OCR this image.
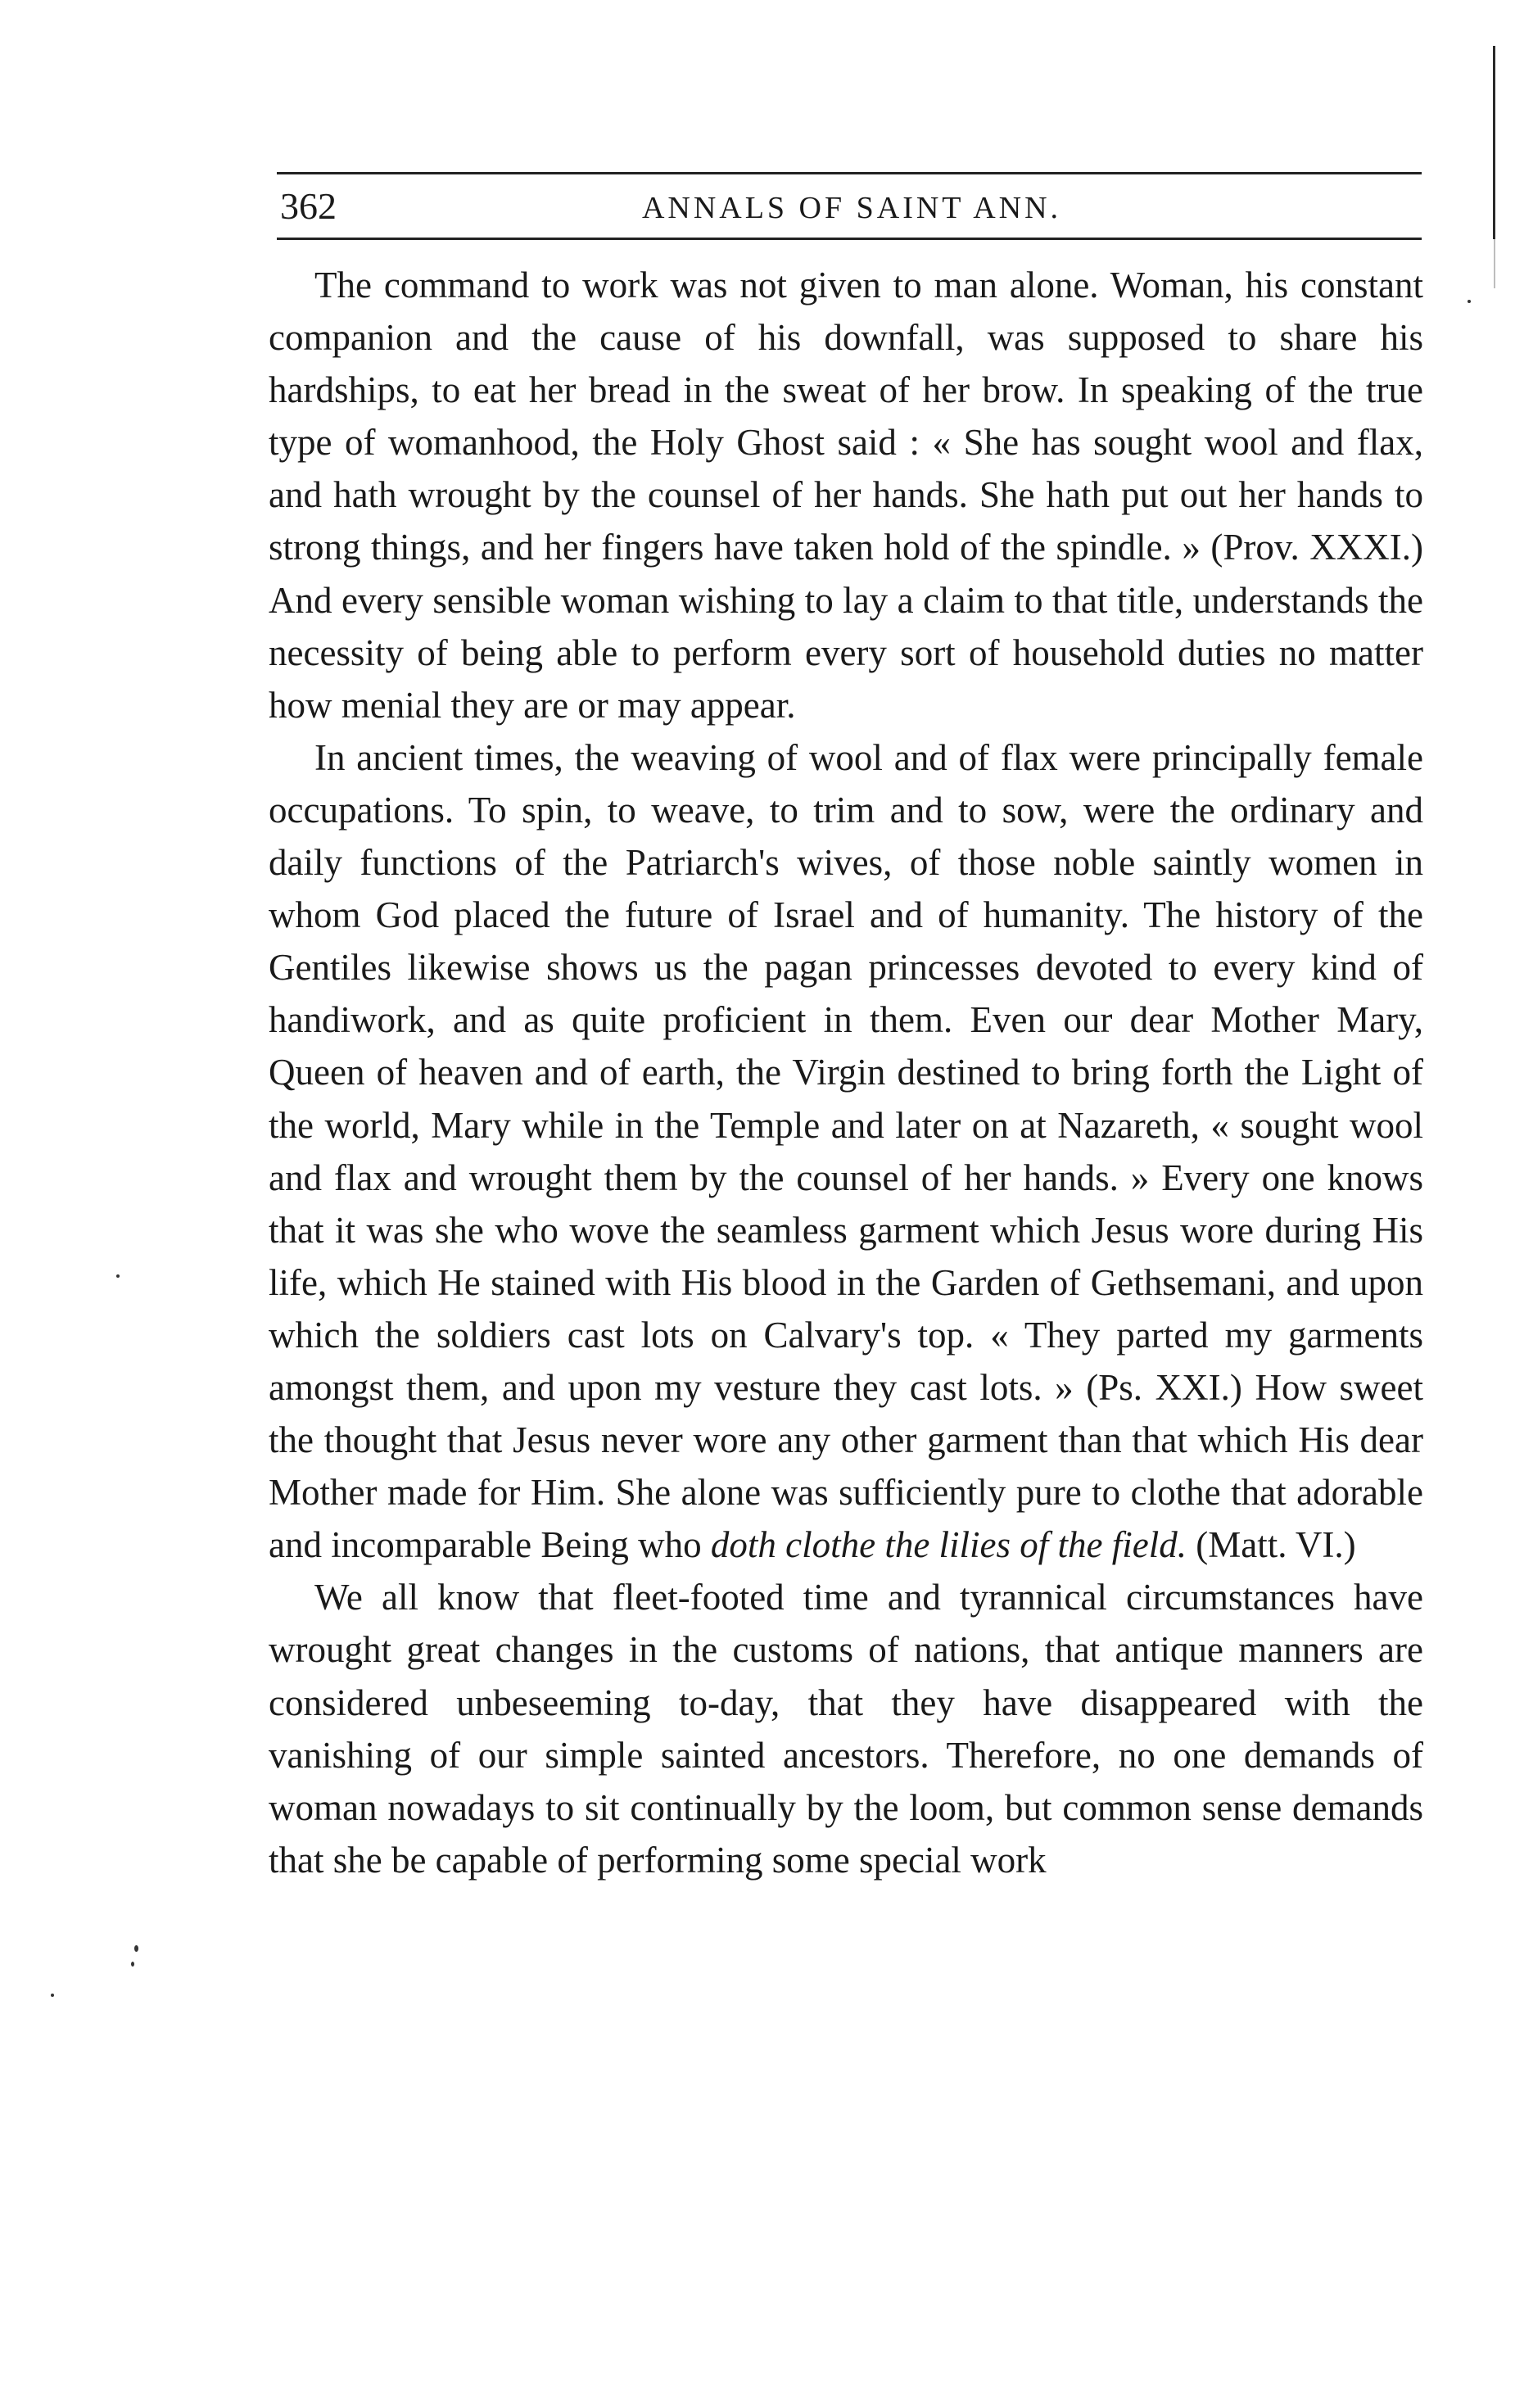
362	ANNALS OF SAINT ANN.

The command to work was not given to man alone. Woman, his constant companion and the cause of his downfall, was supposed to share his hardships, to eat her bread in the sweat of her brow. In speaking of the true type of womanhood, the Holy Ghost said : « She has sought wool and flax, and hath wrought by the counsel of her hands. She hath put out her hands to strong things, and her fingers have taken hold of the spindle. » (Prov. XXXI.) And every sensible woman wishing to lay a claim to that title, understands the necessity of being able to perform every sort of household duties no matter how menial they are or may appear.

In ancient times, the weaving of wool and of flax were principally female occupations. To spin, to weave, to trim and to sow, were the ordinary and daily functions of the Patriarch's wives, of those noble saintly women in whom God placed the future of Israel and of humanity. The history of the Gentiles likewise shows us the pagan princesses devoted to every kind of handiwork, and as quite proficient in them. Even our dear Mother Mary, Queen of heaven and of earth, the Virgin destined to bring forth the Light of the world, Mary while in the Temple and later on at Nazareth, « sought wool and flax and wrought them by the counsel of her hands. » Every one knows that it was she who wove the seamless garment which Jesus wore during His life, which He stained with His blood in the Garden of Gethsemani, and upon which the soldiers cast lots on Calvary's top. « They parted my garments amongst them, and upon my vesture they cast lots. » (Ps. XXI.) How sweet the thought that Jesus never wore any other garment than that which His dear Mother made for Him. She alone was sufficiently pure to clothe that adorable and incomparable Being who doth clothe the lilies of the field. (Matt. VI.)

We all know that fleet-footed time and tyrannical circumstances have wrought great changes in the customs of nations, that antique manners are considered unbeseeming to-day, that they have disappeared with the vanishing of our simple sainted ancestors. Therefore, no one demands of woman nowadays to sit continually by the loom, but common sense demands that she be capable of performing some special work
